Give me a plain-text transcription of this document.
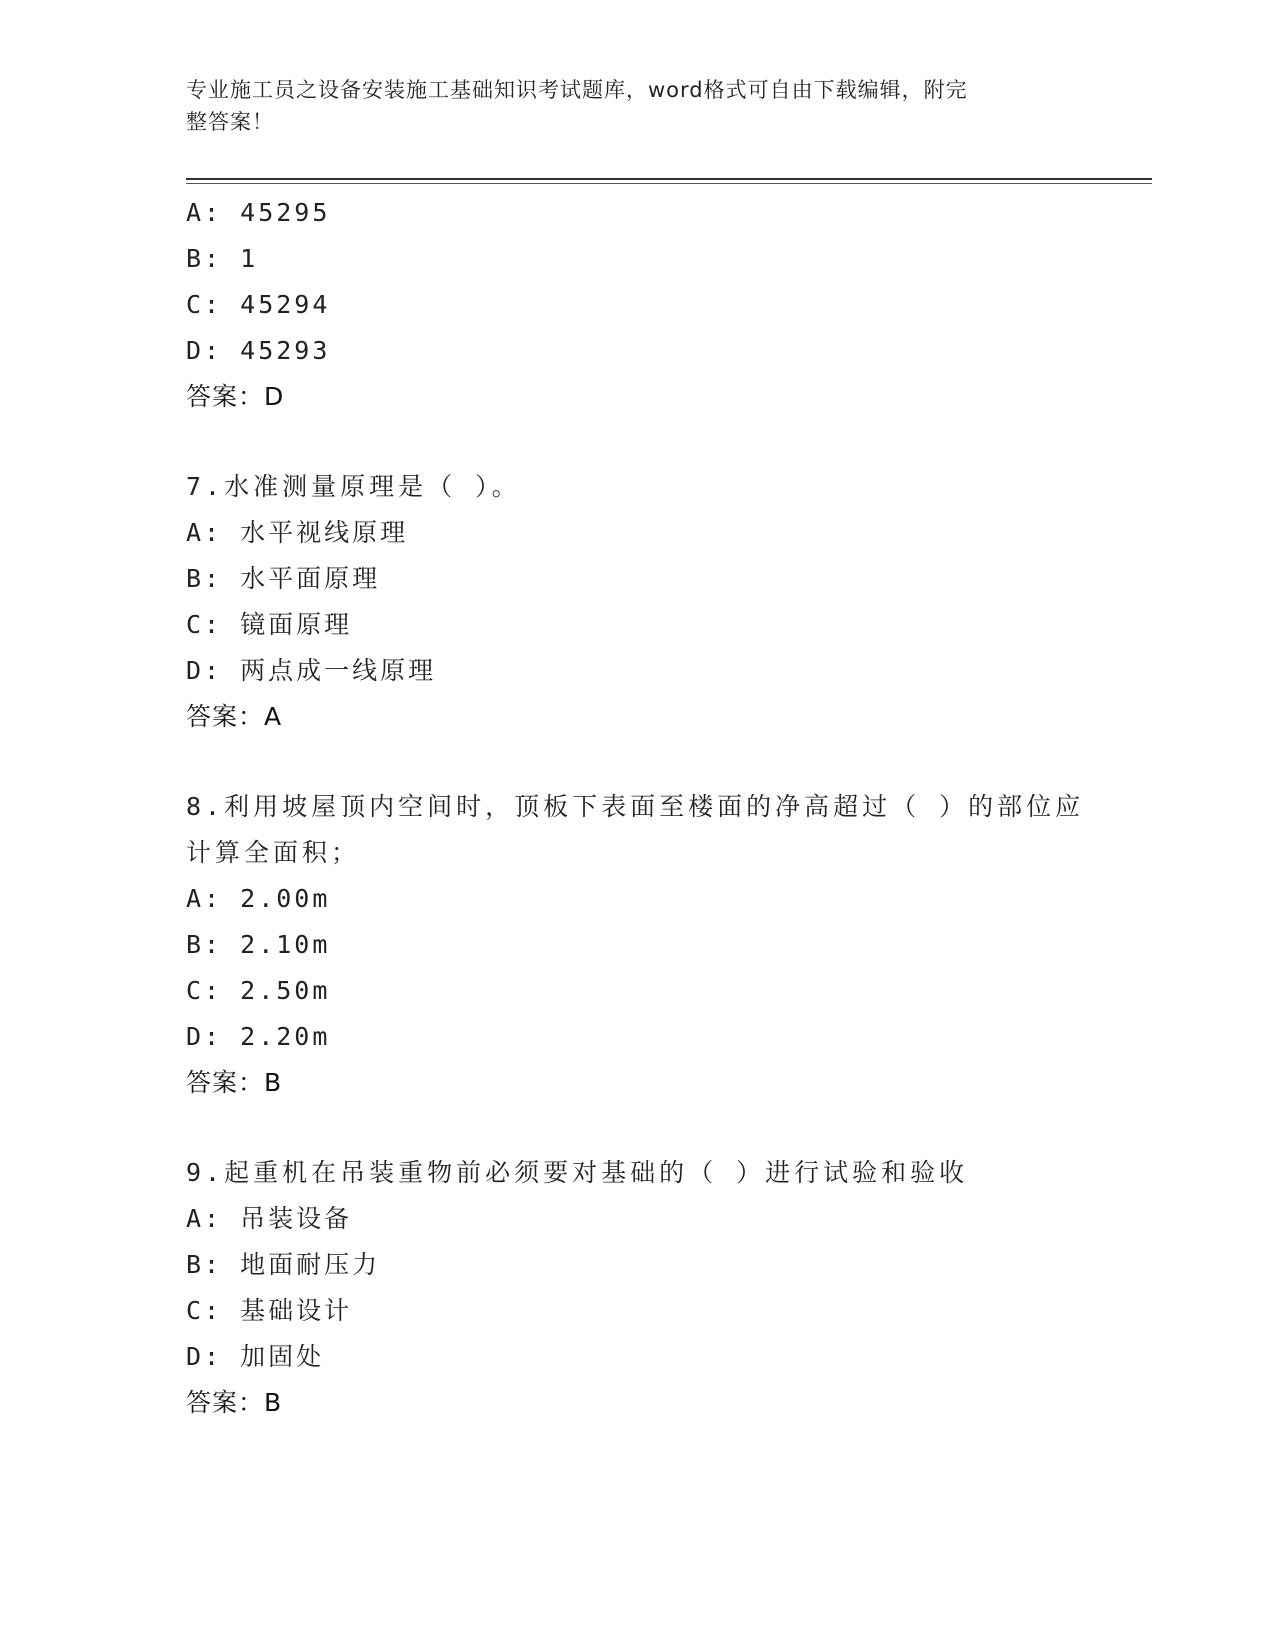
专业施工员之设备安装施工基础知识考试题库，word格式可自由下载编辑，附完
整答案！
A: 45295
B: 1
C: 45294
D: 45293
答案：D
7.水准测量原理是（ ）。
A: 水平视线原理
B: 水平面原理
C: 镜面原理
D: 两点成一线原理
答案：A
8.利用坡屋顶内空间时，顶板下表面至楼面的净高超过（ ）的部位应
计算全面积；
A: 2.00m
B: 2.10m
C: 2.50m
D: 2.20m
答案：B
9.起重机在吊装重物前必须要对基础的（ ）进行试验和验收
A: 吊装设备
B: 地面耐压力
C: 基础设计
D: 加固处
答案：B
